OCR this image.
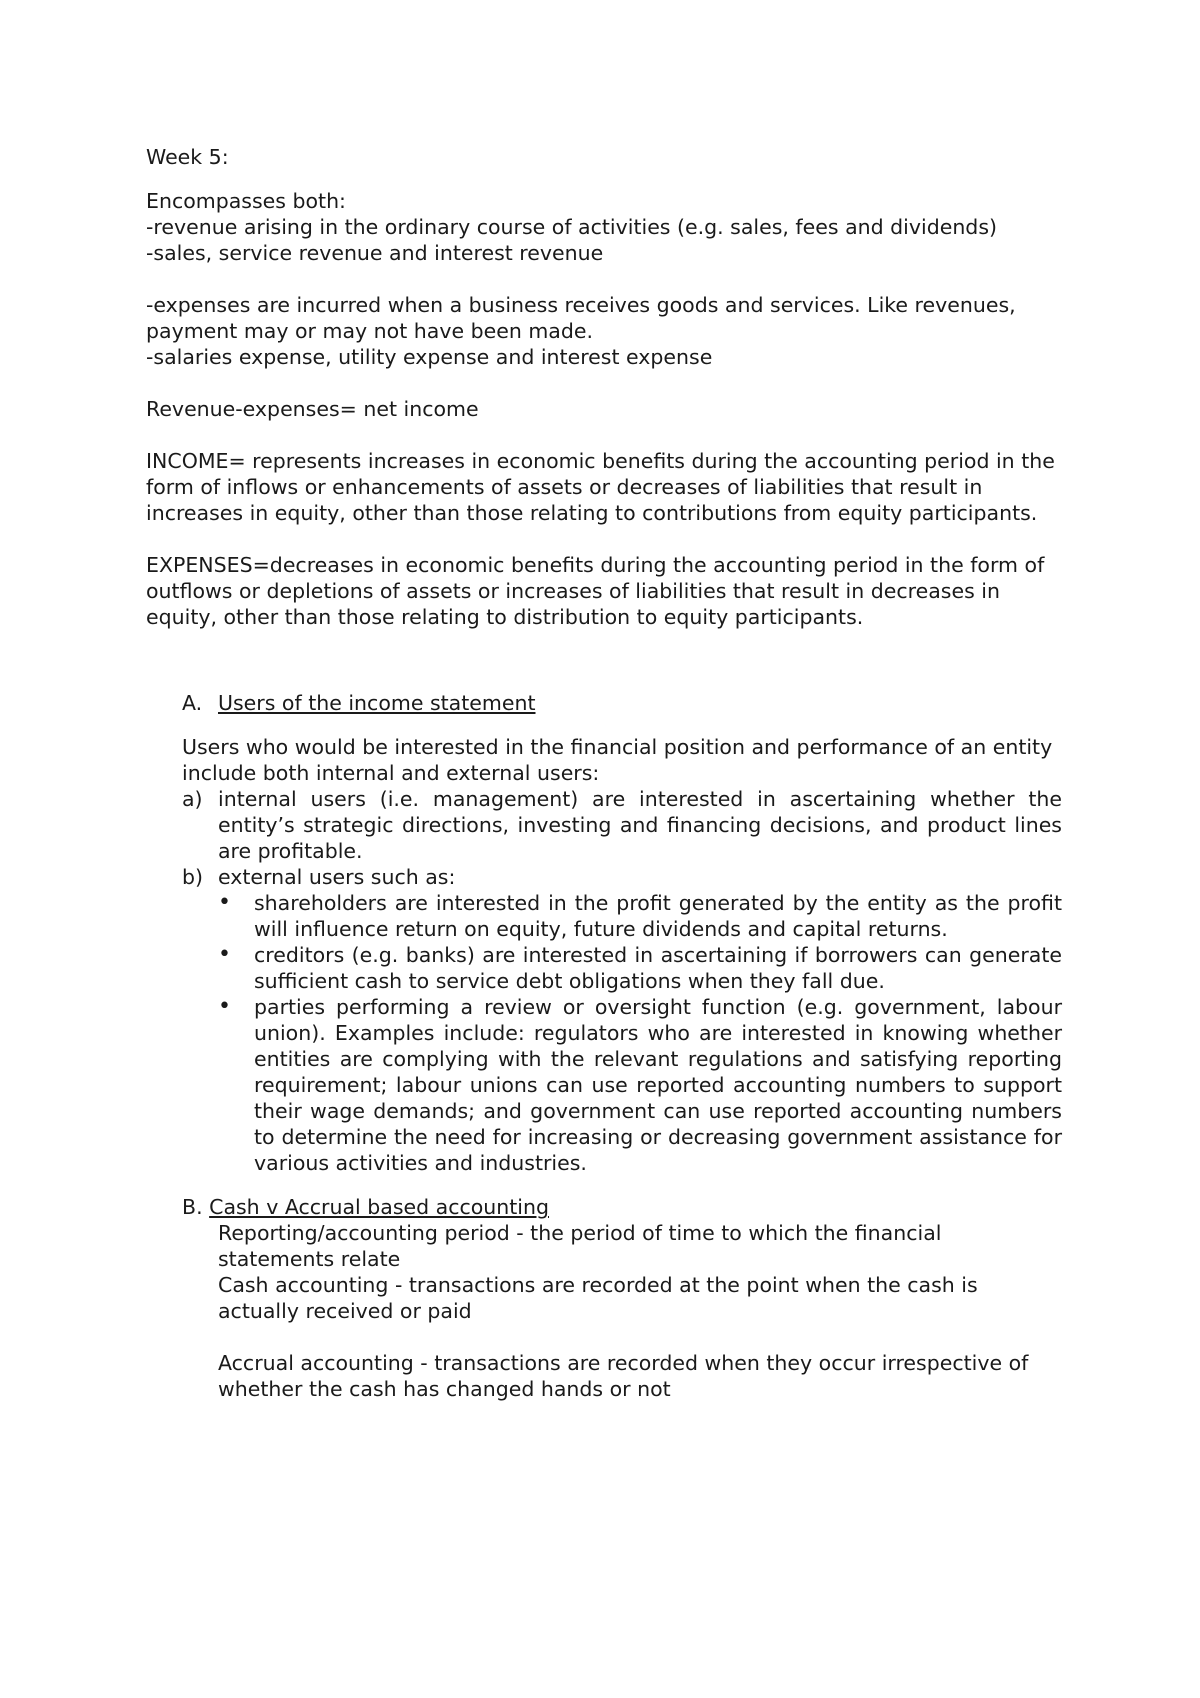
Week 5:

Encompasses both:

-revenue arising in the ordinary course of activities (e.g. sales, fees and dividends)

-sales, service revenue and interest revenue

-expenses are incurred when a business receives goods and services. Like revenues, payment may or may not have been made.

-salaries expense, utility expense and interest expense

Revenue-expenses= net income

INCOME= represents increases in economic benefits during the accounting period in the form of inflows or enhancements of assets or decreases of liabilities that result in increases in equity, other than those relating to contributions from equity participants.

EXPENSES=decreases in economic benefits during the accounting period in the form of outflows or depletions of assets or increases of liabilities that result in decreases in equity, other than those relating to distribution to equity participants.

A. Users of the income statement

Users who would be interested in the financial position and performance of an entity include both internal and external users:

a) internal users (i.e. management) are interested in ascertaining whether the entity’s strategic directions, investing and financing decisions, and product lines are profitable.
b) external users such as:
•	shareholders are interested in the profit generated by the entity as the profit will influence return on equity, future dividends and capital returns.
•	creditors (e.g. banks) are interested in ascertaining if borrowers can generate sufficient cash to service debt obligations when they fall due.
•	parties performing a review or oversight function (e.g. government, labour union). Examples include: regulators who are interested in knowing whether entities are complying with the relevant regulations and satisfying reporting requirement; labour unions can use reported accounting numbers to support their wage demands; and government can use reported accounting numbers to determine the need for increasing or decreasing government assistance for various activities and industries.

B. Cash v Accrual based accounting

Reporting/accounting period - the period of time to which the financial statements relate

Cash accounting - transactions are recorded at the point when the cash is actually received or paid

Accrual accounting - transactions are recorded when they occur irrespective of whether the cash has changed hands or not
